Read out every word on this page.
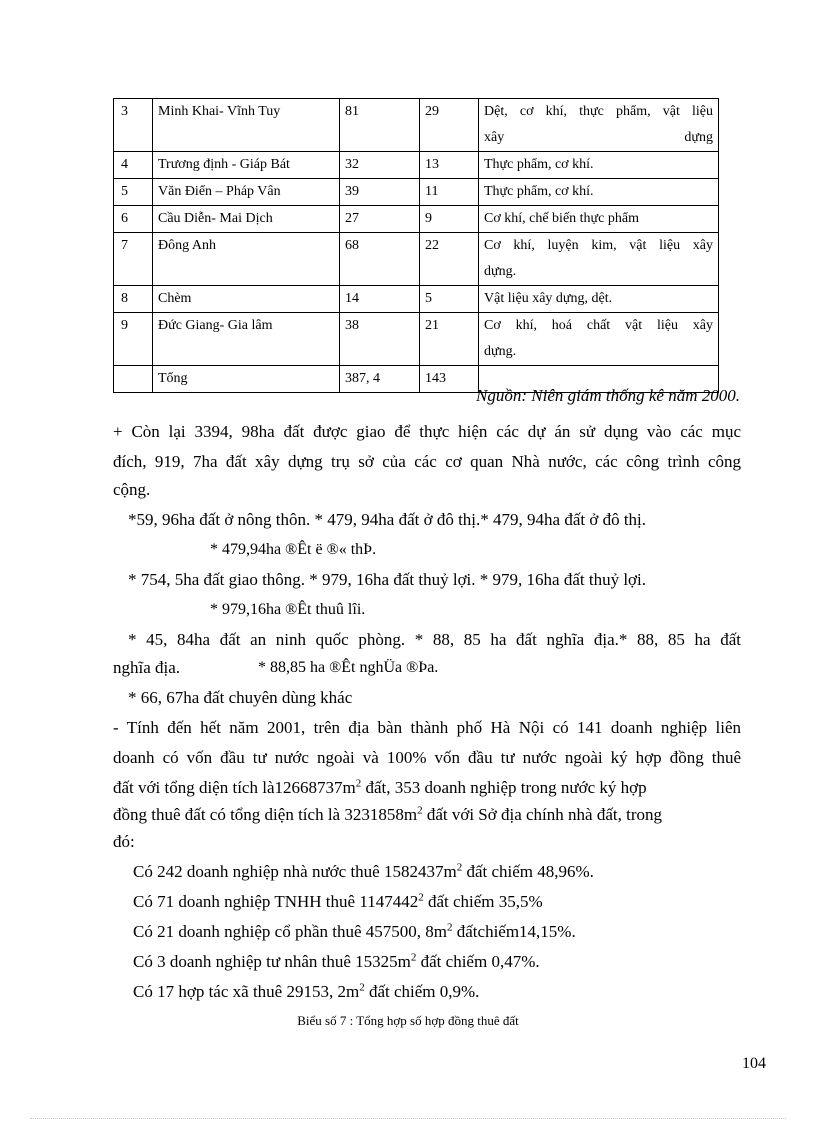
3	Minh Khai- Vĩnh Tuy	81	29	Dệt, cơ khí, thực phẩm, vật liệu
xây dựng

4	Trương định - Giáp Bát	32	13	Thực phẩm, cơ khí.
5	Văn Điển – Pháp Vân	39	11	Thực phẩm, cơ khí.
6	Cầu Diễn- Mai Dịch	27	9	Cơ khí, chế biến thực phẩm
7	Đông Anh	68	22	Cơ khí, luyện kim, vật liệu xây
dựng.

8	Chèm	14	5	Vật liệu xây dựng, dệt.
9	Đức Giang- Gia lâm	38	21	Cơ khí, hoá chất vật liệu xây
dựng.

	Tổng	387, 4	143	
Nguồn: Niên giám thống kê năm 2000.
+ Còn lại 3394, 98ha đất được giao để thực hiện các dự án sử dụng vào các mục
đích, 919, 7ha đất xây dựng trụ sở của các cơ quan Nhà nước, các công trình công
cộng.
*59, 96ha đất ở nông thôn. * 479, 94ha đất ở đô thị.* 479, 94ha đất ở đô thị.
* 479,94ha ®Êt ë ®« thÞ.
* 754, 5ha đất giao thông. * 979, 16ha đất thuỷ lợi. * 979, 16ha đất thuỷ lợi.
* 979,16ha ®Êt thuû lîi.
* 45, 84ha đất an ninh quốc phòng. * 88, 85 ha đất nghĩa địa.* 88, 85 ha đất
nghĩa địa.	* 88,85 ha ®Êt nghÜa ®Þa.
* 66, 67ha đất chuyên dùng khác
- Tính đến hết năm 2001, trên địa bàn thành phố Hà Nội có 141 doanh nghiệp liên
doanh có vốn đầu tư nước ngoài và 100% vốn đầu tư nước ngoài ký hợp đồng thuê
đất với tổng diện tích $là12668737m^2$ đất, 353 doanh nghiệp trong nước ký hợp
đồng thuê đất có tổng diện tích là $3231858m^2$ đất với Sở địa chính nhà đất, trong
đó:
Có 242 doanh nghiệp nhà nước thuê $1582437m^2$ đất chiếm 48,96%.
Có 71 doanh nghiệp TNHH thuê 1147442$^2$ đất chiếm 35,5%
Có 21 doanh nghiệp cổ phần thuê 457500, $8m^2$ đấtchiếm14,15%.
Có 3 doanh nghiệp tư nhân thuê $15325m^2$ đất chiếm 0,47%.
Có 17 hợp tác xã thuê 29153, $2m^2$ đất chiếm 0,9%.
Biểu số 7 : Tổng hợp số hợp đồng thuê đất
104
